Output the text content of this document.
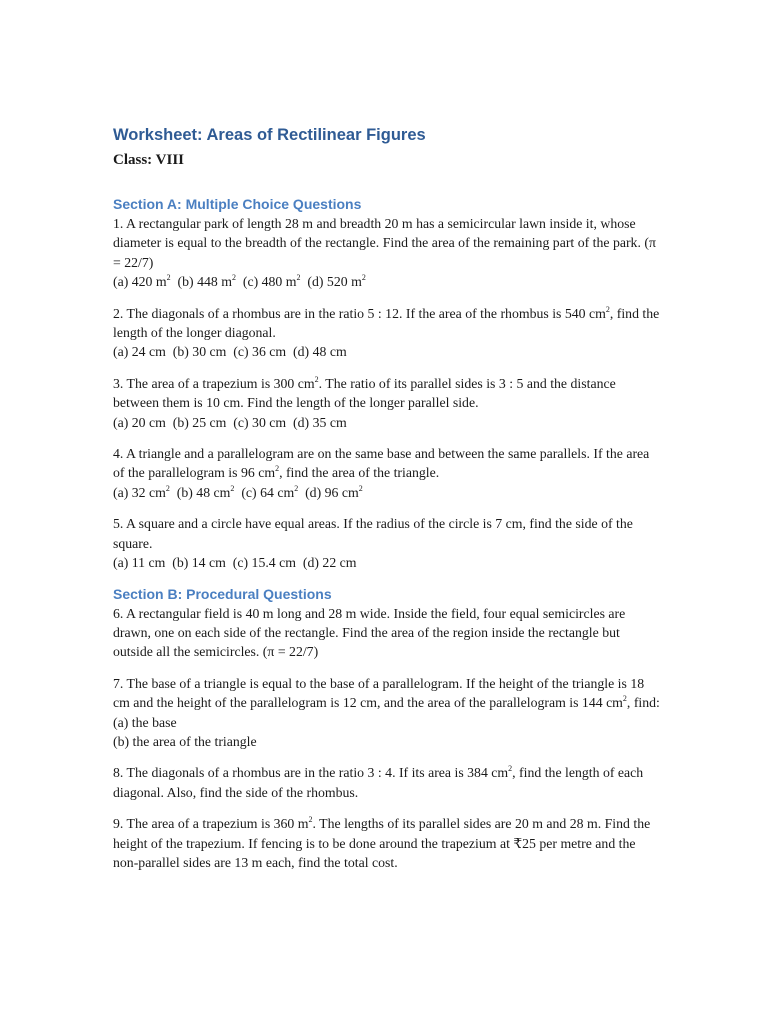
Worksheet: Areas of Rectilinear Figures
Class: VIII
Section A: Multiple Choice Questions

1. A rectangular park of length 28 m and breadth 20 m has a semicircular lawn inside it, whose diameter is equal to the breadth of the rectangle. Find the area of the remaining part of the park. (π = 22/7)

(a) 420 $m^2$  (b) 448 $m^2$  (c) 480 $m^2$  (d) 520 $m^2$

2. The diagonals of a rhombus are in the ratio 5 : 12. If the area of the rhombus is 540 $cm^2$, find the length of the longer diagonal.

(a) 24 cm  (b) 30 cm  (c) 36 cm  (d) 48 cm

3. The area of a trapezium is 300 $cm^2$. The ratio of its parallel sides is 3 : 5 and the distance between them is 10 cm. Find the length of the longer parallel side.

(a) 20 cm  (b) 25 cm  (c) 30 cm  (d) 35 cm

4. A triangle and a parallelogram are on the same base and between the same parallels. If the area of the parallelogram is 96 $cm^2$, find the area of the triangle.

(a) 32 $cm^2$  (b) 48 $cm^2$  (c) 64 $cm^2$  (d) 96 $cm^2$

5. A square and a circle have equal areas. If the radius of the circle is 7 cm, find the side of the square.

(a) 11 cm  (b) 14 cm  (c) 15.4 cm  (d) 22 cm

Section B: Procedural Questions

6. A rectangular field is 40 m long and 28 m wide. Inside the field, four equal semicircles are drawn, one on each side of the rectangle. Find the area of the region inside the rectangle but outside all the semicircles. (π = 22/7)

7. The base of a triangle is equal to the base of a parallelogram. If the height of the triangle is 18 cm and the height of the parallelogram is 12 cm, and the area of the parallelogram is 144 $cm^2$, find:

(a) the base

(b) the area of the triangle

8. The diagonals of a rhombus are in the ratio 3 : 4. If its area is 384 $cm^2$, find the length of each diagonal. Also, find the side of the rhombus.

9. The area of a trapezium is 360 $m^2$. The lengths of its parallel sides are 20 m and 28 m. Find the height of the trapezium. If fencing is to be done around the trapezium at ₹25 per metre and the non-parallel sides are 13 m each, find the total cost.
